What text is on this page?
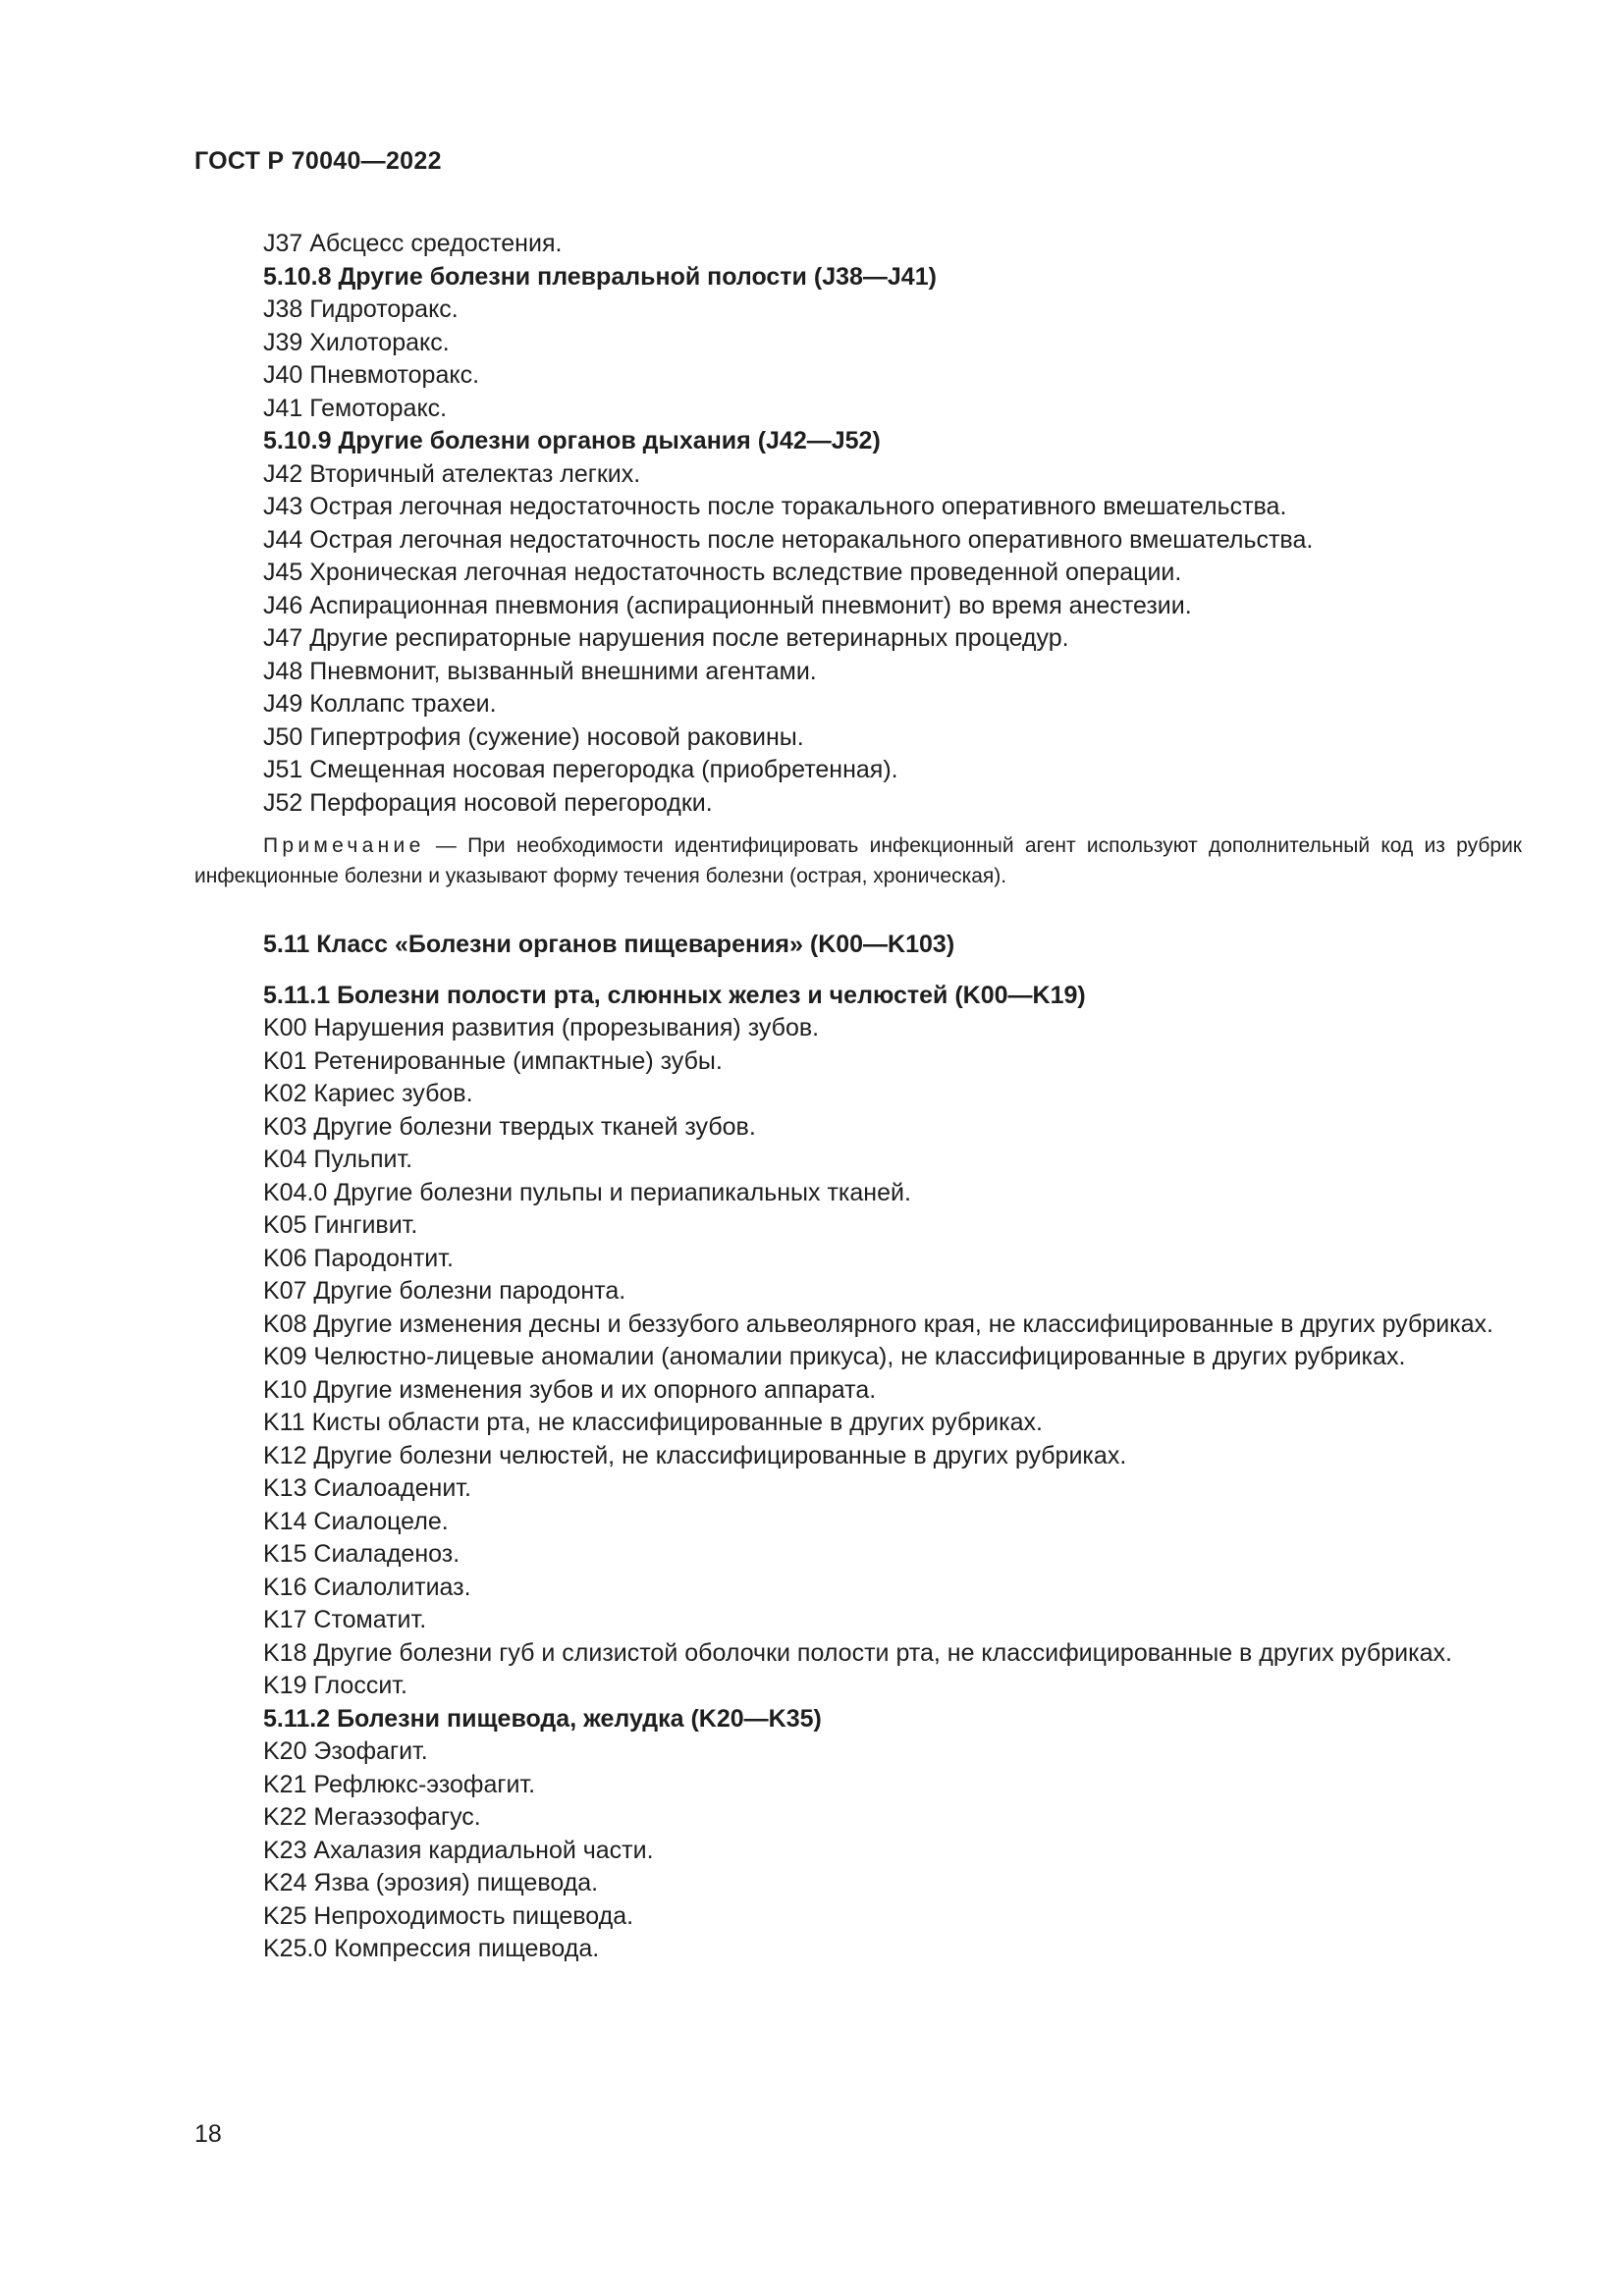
ГОСТ Р 70040—2022
J37 Абсцесс средостения.
5.10.8 Другие болезни плевральной полости (J38—J41)
J38 Гидроторакс.
J39 Хилоторакс.
J40 Пневмоторакс.
J41 Гемоторакс.
5.10.9 Другие болезни органов дыхания (J42—J52)
J42 Вторичный ателектаз легких.
J43 Острая легочная недостаточность после торакального оперативного вмешательства.
J44 Острая легочная недостаточность после неторакального оперативного вмешательства.
J45 Хроническая легочная недостаточность вследствие проведенной операции.
J46 Аспирационная пневмония (аспирационный пневмонит) во время анестезии.
J47 Другие респираторные нарушения после ветеринарных процедур.
J48 Пневмонит, вызванный внешними агентами.
J49 Коллапс трахеи.
J50 Гипертрофия (сужение) носовой раковины.
J51 Смещенная носовая перегородка (приобретенная).
J52 Перфорация носовой перегородки.
Примечание — При необходимости идентифицировать инфекционный агент используют дополнительный код из рубрик инфекционные болезни и указывают форму течения болезни (острая, хроническая).
5.11 Класс «Болезни органов пищеварения» (K00—K103)
5.11.1 Болезни полости рта, слюнных желез и челюстей (K00—K19)
K00 Нарушения развития (прорезывания) зубов.
K01 Ретенированные (импактные) зубы.
K02 Кариес зубов.
K03 Другие болезни твердых тканей зубов.
K04 Пульпит.
K04.0 Другие болезни пульпы и периапикальных тканей.
K05 Гингивит.
K06 Пародонтит.
K07 Другие болезни пародонта.
K08 Другие изменения десны и беззубого альвеолярного края, не классифицированные в других рубриках.
K09 Челюстно-лицевые аномалии (аномалии прикуса), не классифицированные в других рубриках.
K10 Другие изменения зубов и их опорного аппарата.
K11 Кисты области рта, не классифицированные в других рубриках.
K12 Другие болезни челюстей, не классифицированные в других рубриках.
K13 Сиалоаденит.
K14 Сиалоцеле.
K15 Сиаладеноз.
K16 Сиалолитиаз.
K17 Стоматит.
K18 Другие болезни губ и слизистой оболочки полости рта, не классифицированные в других рубриках.
K19 Глоссит.
5.11.2 Болезни пищевода, желудка (K20—K35)
K20 Эзофагит.
K21 Рефлюкс-эзофагит.
K22 Мегаэзофагус.
K23 Ахалазия кардиальной части.
K24 Язва (эрозия) пищевода.
K25 Непроходимость пищевода.
K25.0 Компрессия пищевода.
18
